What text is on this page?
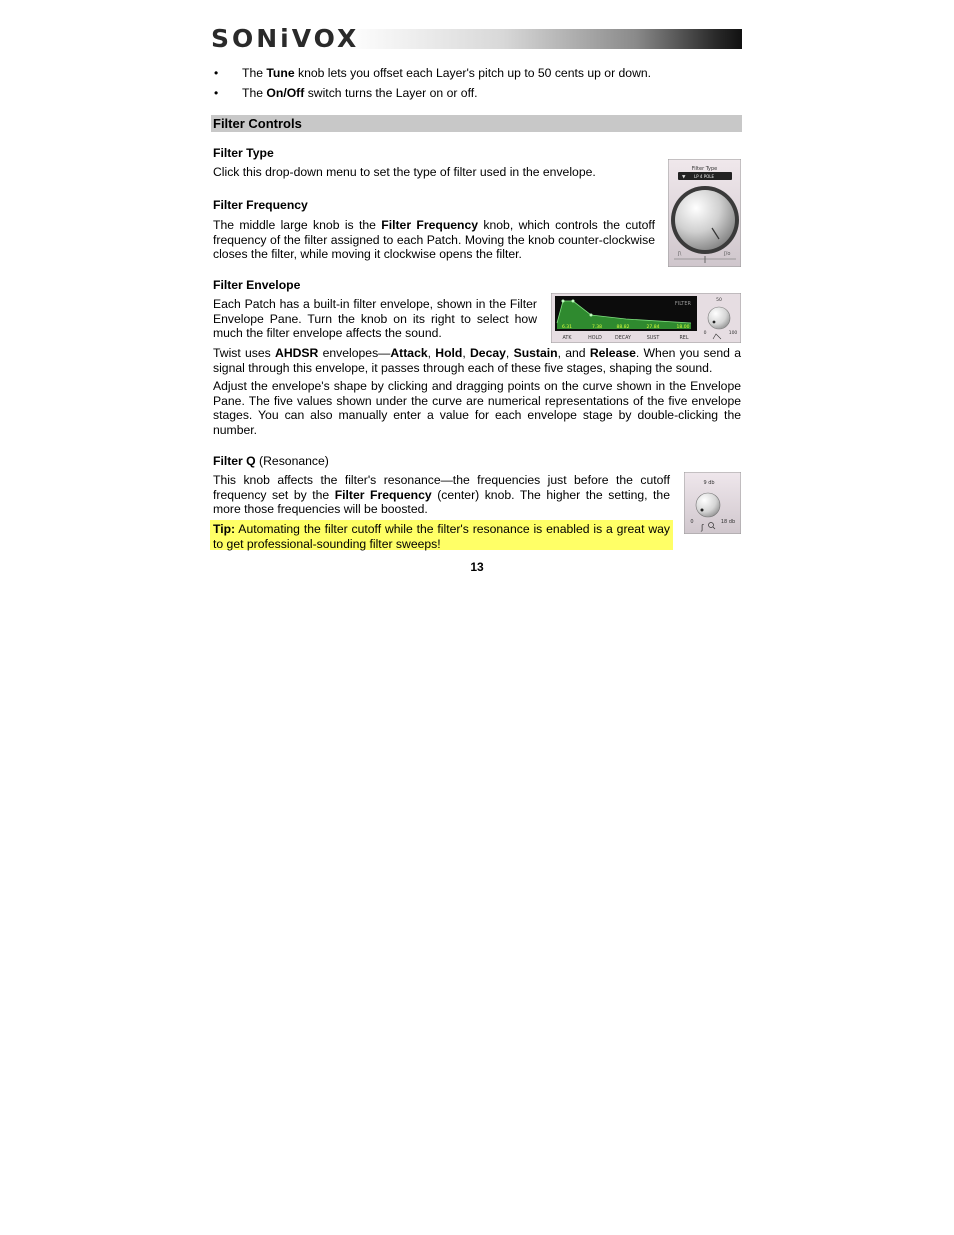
SONiVOX
• The Tune knob lets you offset each Layer's pitch up to 50 cents up or down.
• The On/Off switch turns the Layer on or off.
Filter Controls
Filter Type
Click this drop-down menu to set the type of filter used in the envelope.	Filter Type
▼ LP 4 POLE
ʃ\	ʃ/o
Filter Frequency
The middle large knob is the Filter Frequency knob, which controls the cutoff frequency of the filter assigned to each Patch. Moving the knob counter-clockwise closes the filter, while moving it clockwise opens the filter.
Filter Envelope
Each Patch has a built-in filter envelope, shown in the Filter Envelope Pane. Turn the knob on its right to select how much the filter envelope affects the sound.
FILTER
6.31	7.38	88.82	27.84	18.00
ATK	HOLD	DECAY	SUST	REL
50
0	100
Twist uses AHDSR envelopes—Attack, Hold, Decay, Sustain, and Release. When you send a signal through this envelope, it passes through each of these five stages, shaping the sound.
Adjust the envelope's shape by clicking and dragging points on the curve shown in the Envelope Pane. The five values shown under the curve are numerical representations of the five envelope stages. You can also manually enter a value for each envelope stage by double-clicking the number.
Filter Q (Resonance)
This knob affects the filter's resonance—the frequencies just before the cutoff frequency set by the Filter Frequency (center) knob. The higher the setting, the more those frequencies will be boosted.
9 db
0	18 db
ʃ
Tip: Automating the filter cutoff while the filter's resonance is enabled is a great way to get professional-sounding filter sweeps!
13
